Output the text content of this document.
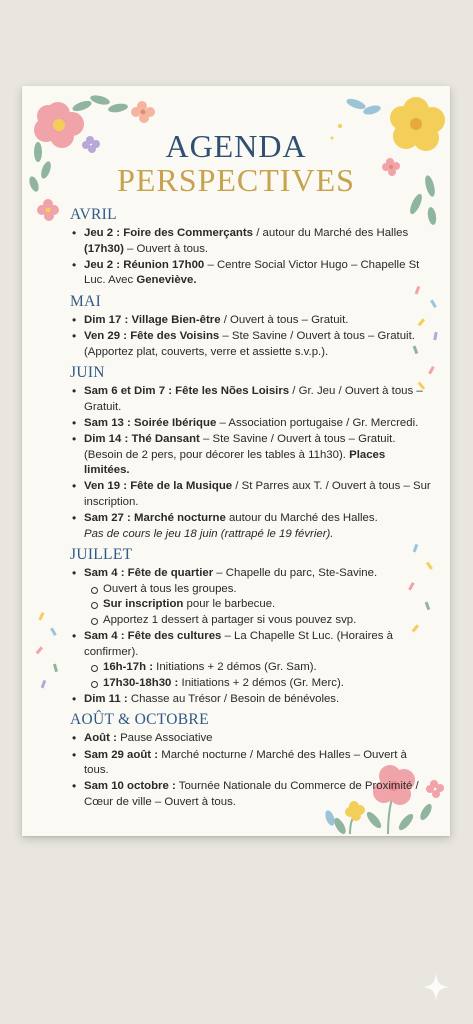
AGENDA
PERSPECTIVES
AVRIL
• Jeu 2 : Foire des Commerçants / autour du Marché des Halles (17h30) – Ouvert à tous.
• Jeu 2 : Réunion 17h00 – Centre Social Victor Hugo – Chapelle St Luc. Avec Geneviève.
MAI
• Dim 17 : Village Bien-être / Ouvert à tous – Gratuit.
• Ven 29 : Fête des Voisins – Ste Savine / Ouvert à tous – Gratuit. (Apportez plat, couverts, verre et assiette s.v.p.).
JUIN
• Sam 6 et Dim 7 : Fête les Nões Loisirs / Gr. Jeu / Ouvert à tous – Gratuit.
• Sam 13 : Soirée Ibérique – Association portugaise / Gr. Mercredi.
• Dim 14 : Thé Dansant – Ste Savine / Ouvert à tous – Gratuit. (Besoin de 2 pers, pour décorer les tables à 11h30). Places limitées.
• Ven 19 : Fête de la Musique / St Parres aux T. / Ouvert à tous – Sur inscription.
• Sam 27 : Marché nocturne autour du Marché des Halles.
Pas de cours le jeu 18 juin (rattrapé le 19 février).
JUILLET
• Sam 4 : Fête de quartier – Chapelle du parc, Ste-Savine.
Ouvert à tous les groupes.
Sur inscription pour le barbecue.
Apportez 1 dessert à partager si vous pouvez svp.
• Sam 4 : Fête des cultures – La Chapelle St Luc. (Horaires à confirmer).
16h-17h : Initiations + 2 démos (Gr. Sam).
17h30-18h30 : Initiations + 2 démos (Gr. Merc).
• Dim 11 : Chasse au Trésor / Besoin de bénévoles.
AOÛT & OCTOBRE
• Août : Pause Associative
• Sam 29 août : Marché nocturne / Marché des Halles – Ouvert à tous.
• Sam 10 octobre : Tournée Nationale du Commerce de Proximité / Cœur de ville – Ouvert à tous.
